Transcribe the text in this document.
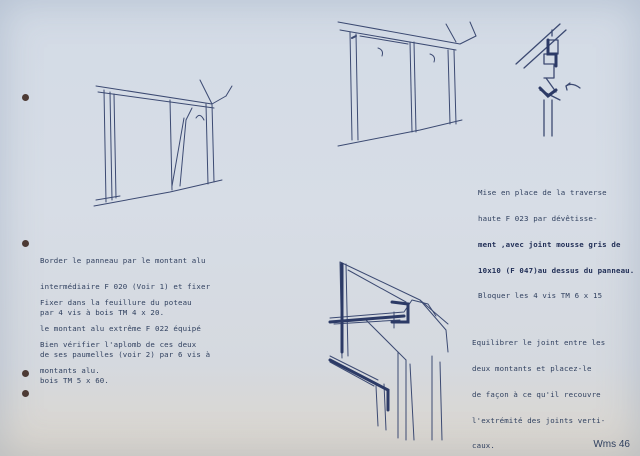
Border le panneau par le montant alu

intermédiaire F 020 (Voir 1) et fixer

par 4 vis à bois TM 4 x 20.

Fixer dans la feuillure du poteau

le montant alu extrême F 022 équipé

de ses paumelles (voir 2) par 6 vis à

bois TM 5 x 60.

Bien vérifier l'aplomb de ces deux

montants alu.

Mise en place de la traverse

haute F 023 par dévêtisse-

ment ,avec joint mousse gris de

10x10 (F 047)au dessus du panneau.

Bloquer les 4 vis TM 6 x 15

Equilibrer le joint entre les

deux montants et placez-le

de façon à ce qu'il recouvre

l'extrémité des joints verti-

caux.

	Wms 46
